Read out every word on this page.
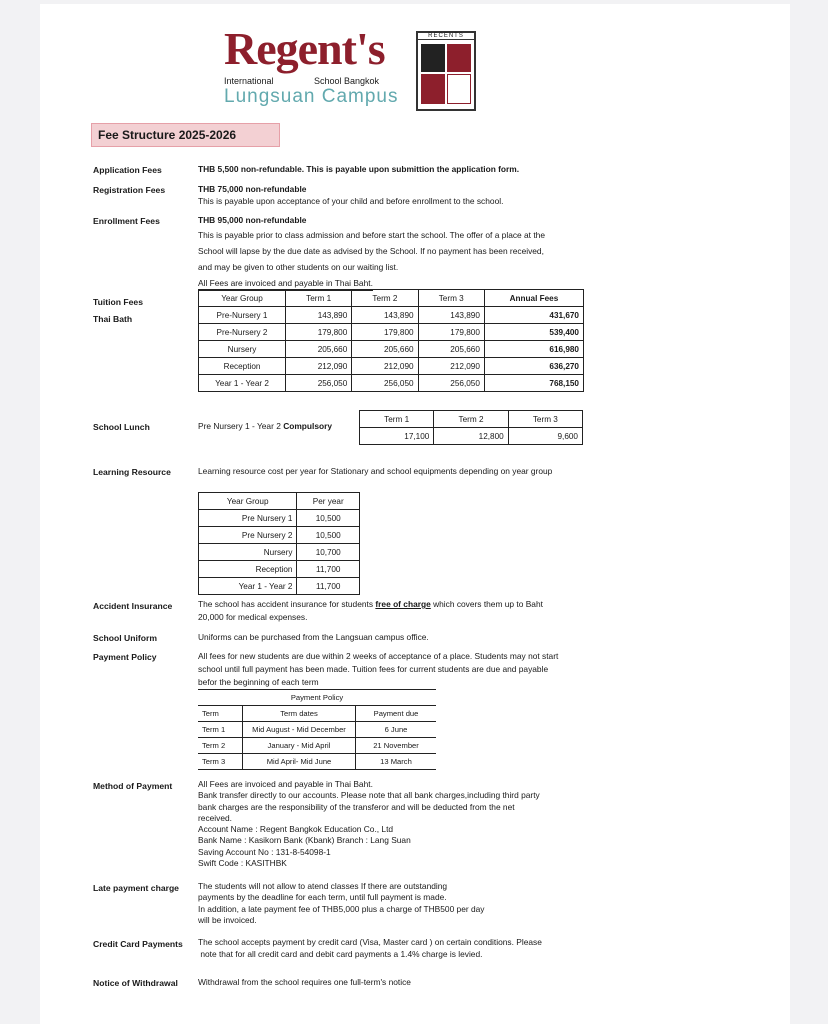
Regent's
International	School Bangkok
Lungsuan Campus
RECENTS
Fee Structure 2025-2026
Application Fees	THB 5,500 non-refundable. This is payable upon submittion the application form.
Registration Fees	THB 75,000 non-refundable
This is payable upon acceptance of your child and before enrollment to the school.
Enrollment Fees	THB 95,000 non-refundable
This is payable prior to class admission and before start the school. The offer of a place at the
School will lapse by the due date as advised by the School. If no payment has been received,
and may be given to other students on our waiting list.
All Fees are invoiced and payable in Thai Baht.
Tuition Fees
Thai Bath
Year Group	Term 1	Term 2	Term 3	Annual Fees
Pre-Nursery 1	143,890	143,890	143,890	431,670
Pre-Nursery 2	179,800	179,800	179,800	539,400
Nursery	205,660	205,660	205,660	616,980
Reception	212,090	212,090	212,090	636,270
Year 1 - Year 2	256,050	256,050	256,050	768,150
School Lunch	Pre Nursery 1 - Year 2 Compulsory
Term 1	Term 2	Term 3
17,100	12,800	9,600
Learning Resource	Learning resource cost per year for Stationary and school equipments depending on year group
Year Group	Per year
Pre Nursery 1	10,500
Pre Nursery 2	10,500
Nursery	10,700
Reception	11,700
Year 1 - Year 2	11,700
Accident Insurance	The school has accident insurance for students free of charge which covers them up to Baht
20,000 for medical expenses.
School Uniform	Uniforms can be purchased from the Langsuan campus office.
Payment Policy	All fees for new students are due within 2 weeks of acceptance of a place. Students may not start
school until full payment has been made. Tuition fees for current students are due and payable
befor the beginning of each term
Payment Policy
Term	Term dates	Payment due
Term 1	Mid August - Mid December	6 June
Term 2	January - Mid April	21 November
Term 3	Mid April- Mid June	13 March
Method of Payment	All Fees are invoiced and payable in Thai Baht.
Bank transfer directly to our accounts. Please note that all bank charges,including third party
bank charges are the responsibility of the transferor and will be deducted from the net
received.
Account Name : Regent Bangkok Education Co., Ltd
Bank Name : Kasikorn Bank (Kbank) Branch : Lang Suan
Saving Account No : 131-8-54098-1
Swift Code : KASITHBK
Late payment charge The students will not allow to atend classes If there are outstanding
payments by the deadline for each term, until full payment is made.
In addition, a late payment fee of THB5,000 plus a charge of THB500 per day
will be invoiced.
Credit Card Payments The school accepts payment by credit card (Visa, Master card ) on certain conditions. Please
note that for all credit card and debit card payments a 1.4% charge is levied.
Notice of Withdrawal Withdrawal from the school requires one full-term's notice
